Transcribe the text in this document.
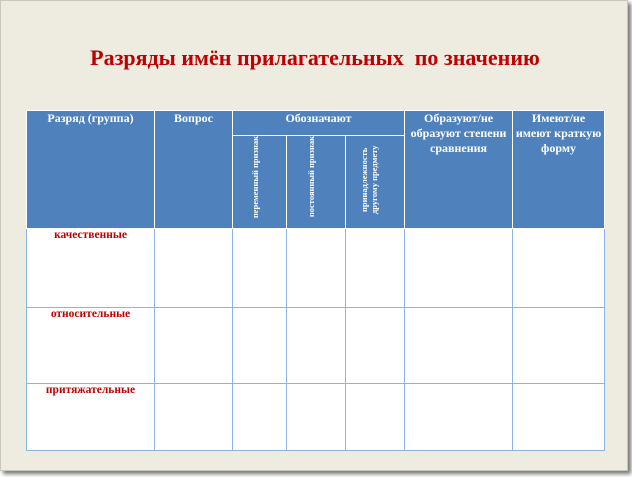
Разряды имён прилагательных  по значению
Разряд (группа)	Вопрос	Обозначают			Образуют/не образуют степени сравнения	Имеют/не имеют краткую форму
		переменный признак	постоянный признак	принадлежность другому предмету		
качественные						
относительные						
притяжательные						
